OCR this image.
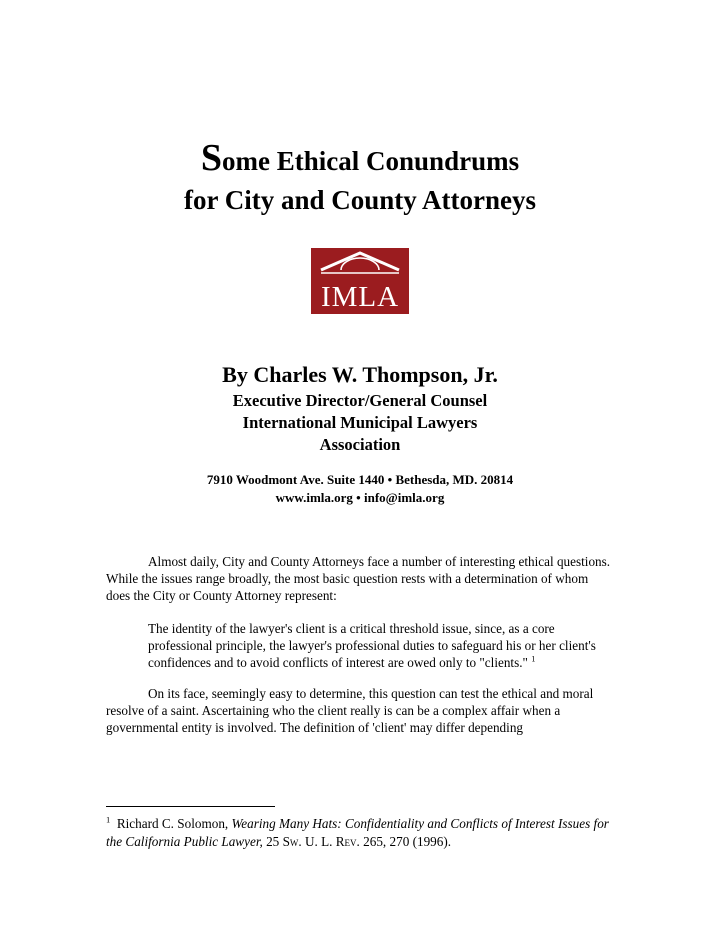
Some Ethical Conundrums
for City and County Attorneys
IMLA
By Charles W. Thompson, Jr.
Executive Director/General Counsel
International Municipal Lawyers
Association
7910 Woodmont Ave. Suite 1440 • Bethesda, MD. 20814
www.imla.org • info@imla.org
Almost daily, City and County Attorneys face a number of interesting ethical questions. While the issues range broadly, the most basic question rests with a determination of whom does the City or County Attorney represent:
The identity of the lawyer's client is a critical threshold issue, since, as a core professional principle, the lawyer's professional duties to safeguard his or her client's confidences and to avoid conflicts of interest are owed only to "clients." $^1$
On its face, seemingly easy to determine, this question can test the ethical and moral resolve of a saint. Ascertaining who the client really is can be a complex affair when a governmental entity is involved. The definition of 'client' may differ depending
$^1$ Richard C. Solomon, Wearing Many Hats: Confidentiality and Conflicts of Interest Issues for the California Public Lawyer, 25 Sw. U. L. Rev. 265, 270 (1996).
